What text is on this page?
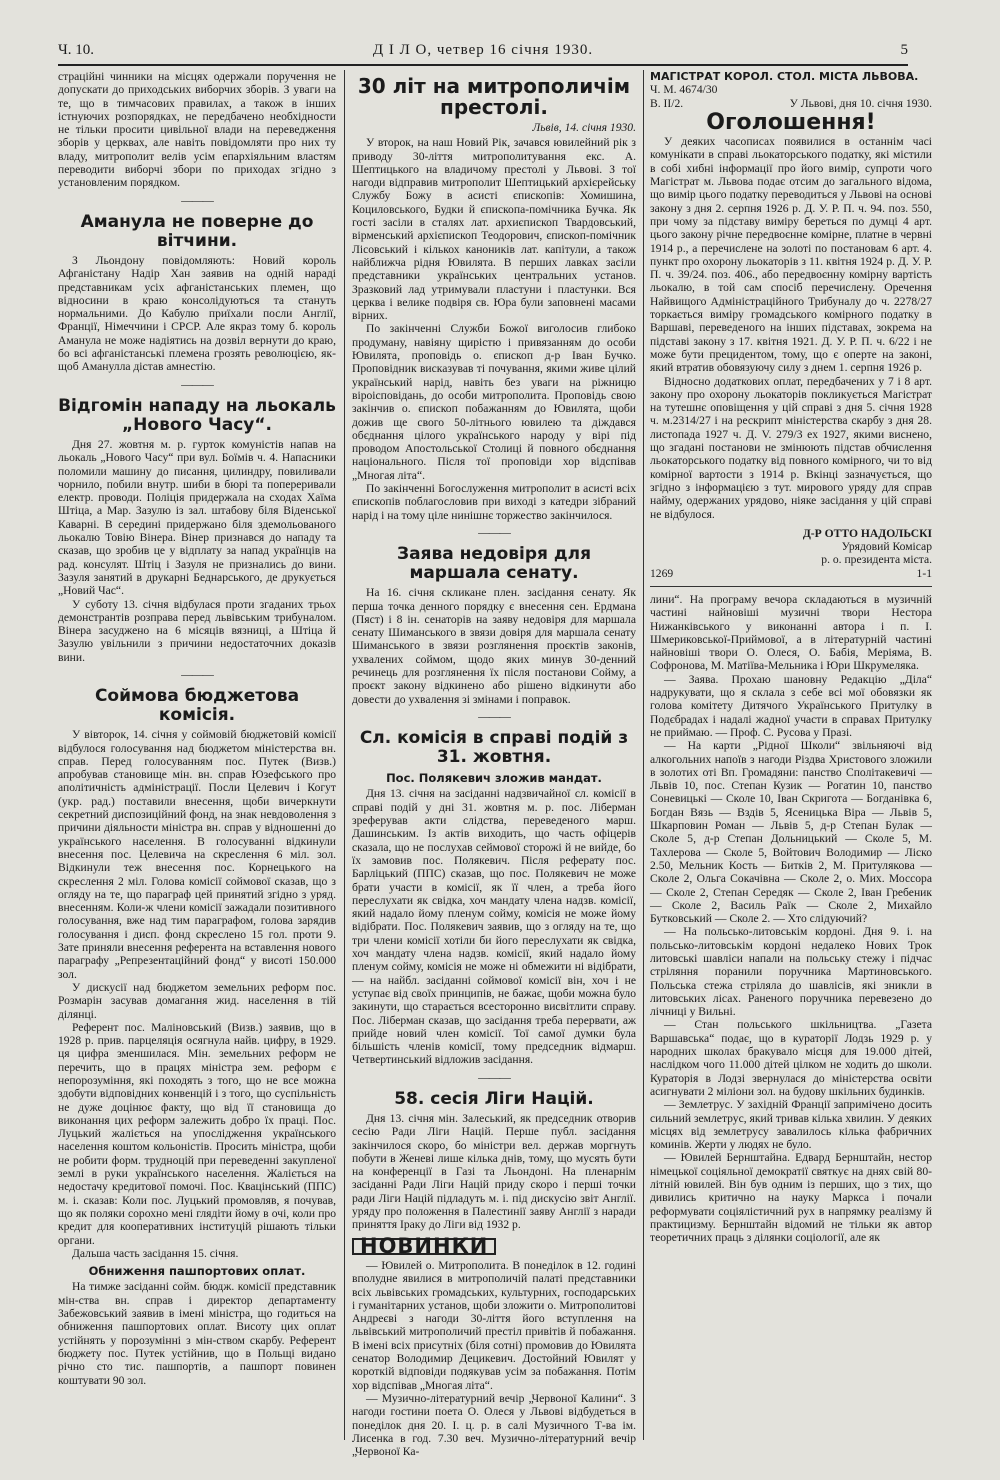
Ч. 10.	Д І Л О, четвер 16 січня 1930.	5

страційні чинники на місцях одержали поручення не допускати до приходських виборчих зборів. З уваги на те, що в тимчасових правилах, а також в інших істнуючих розпорядках, не передбачено необхідности не тільки просити цивільної влади на переведження зборів у церквах, але навіть повідомляти про них ту владу, митрополит велів усім епархіяльним властям переводити виборчі збори по приходах згідно з установленим порядком.

———
Аманула не поверне до вітчини.

З Льондону повідомляють: Новий король Афганістану Надір Хан заявив на одній нараді представникам усіх афганістанських племен, що відносини в краю консолідуються та стануть нормальними. До Кабулю приїхали посли Англії, Франції, Німеччини і СРСР. Але якраз тому б. король Аманула не може надіятись на дозвіл вернути до краю, бо всі афганістанські племена грозять революцією, як-щоб Амануллa дістав амнестію.

———
Відгомін нападу на льокаль „Нового Часу“.

Дня 27. жовтня м. р. гурток комуністів напав на льокаль „Нового Часу“ при вул. Боїмів ч. 4. Напасники поломили машину до писання, цилиндру, повиливали чорнило, побили внутр. шиби в бюрі та попереривали електр. проводи. Поліція придержала на сходах Хаїма Штіца, а Мар. Зазулю із зал. штабову біля Віденської Каварні. В середині придержано біля здемольованого льокалю Товію Вінера. Вінер признався до нападу та сказав, що зробив це у відплату за напад українців на рад. консулят. Штіц і Зазуля не признались до вини. Зазуля занятий в друкарні Беднарського, де друкується „Новий Час“.

У суботу 13. січня відбулася проти згаданих трьох демонстрантів розправа перед львівським трибуналом. Вінера засуджено на 6 місяців вязниці, а Штіца й Зазулю увільнили з причини недостаточних доказів вини.

———
Соймова бюджетова комісія.

У вівторок, 14. січня у соймовій бюджетовій комісії відбулося голосування над бюджетом міністерства вн. справ. Перед голосуванням пос. Путек (Визв.) апробував становище мін. вн. справ Юзефського про аполітичність адміністрації. Посли Целевич і Когут (укр. рад.) поставили внесення, щоби вичеркнути секретний диспозиційний фонд, на знак невдоволення з причини діяльности міністра вн. справ у відношенні до українського населення. В голосуванні відкинули внесення пос. Целевича на скреслення 6 міл. зол. Відкинули теж внесення пос. Корнецького на скреслення 2 міл. Голова комісії соймової сказав, що з огляду на те, що параграф цей принятий згідно з уряд. внесенням. Коли-ж члени комісії зажадали позитивного голосування, вже над тим параграфом, голова зарядив голосування і дисп. фонд скреслено 15 гол. проти 9. Зате приняли внесення референта на вставлення нового параграфу „Репрезентаційний фонд“ у висоті 150.000 зол.

У дискусії над бюджетом земельних реформ пос. Розмарін засував домагання жид. населення в тій ділянці.

Референт пос. Маліновський (Визв.) заявив, що в 1928 р. прив. парцеляція осягнула найв. цифру, в 1929. ця цифра зменшилася. Мін. земельних реформ не перечить, що в працях міністра зем. реформ є непорозуміння, які походять з того, що не все можна здобути відповідних конвенцій і з того, що суспільність не дуже доцінює факту, що від її становища до виконання цих реформ залежить добро їх праці. Пос. Луцький жаліється на упослідження українського населення коштом кольоністів. Просить міністра, щоби не робити форм. трудноцій при переведенні закупленої землі в руки українського населення. Жаліється на недостачу кредитової помочі. Пос. Квацінський (ППС) м. і. сказав: Коли пос. Луцький промовляв, я почував, що як поляки сорохно мені глядіти йому в очі, коли про кредит для кооперативних інституцій рішають тільки органи.

Дальша часть засідання 15. січня.

Обниження пашпортових оплат.

На тимже засіданні сойм. бюдж. комісії представник мін-ства вн. справ і директор департаменту Забежовський заявив в імені міністра, що годиться на обниження пашпортових оплат. Висоту цих оплат устійнять у порозумінні з мін-ством скарбу. Референт бюджету пос. Путек устійнив, що в Польщі видано річно сто тис. пашпортів, а пашпорт повинен коштувати 90 зол.

30 літ на митрополичім престолі.
Львів, 14. січня 1930.

У второк, на наш Новий Рік, зачався ювилейний рік з приводу 30-ліття митрополитування екс. А. Шептицького на владичому престолі у Львові. З тої нагоди відправив митрополит Шептицький архієрейську Службу Божу в асисті єпископів: Хомишина, Коциловського, Будки й єпископа-помічника Бучка. Як гості засіли в сталях лат. архиєпископ Твардовський, вірменський архієпископ Теодорович, єпископ-помічник Лісовський і кількох каноників лат. капітули, а також найближча рідня Ювилята. В перших лавках засіли представники українських центральних установ. Зразковий лад утримували пластуни і пластунки. Вся церква і велике подвіря св. Юра були заповнені масами вірних.

По закінченні Служби Божої виголосив глибоко продуману, навіяну щирістю і привязанням до особи Ювилята, проповідь о. єпископ д-р Іван Бучко. Проповідник висказував ті почування, якими живе цілий український нарід, навіть без уваги на ріжницю віроісповідань, до особи митрополита. Проповідь свою закінчив о. єпископ побажанням до Ювилята, щоби дожив ще свого 50-літнього ювилею та діждався обєднання цілого українського народу у вірі під проводом Апостольської Столиці й повного обєднання національного. Після тої проповіди хор відспівав „Многая літа“.

По закінченні Богослуження митрополит в асисті всіх єпископів поблагословив при виході з катедри зібраний нарід і на тому ціле нинішнє торжество закінчилося.

———
Заява недовіря для маршала сенату.

На 16. січня скликане плен. засідання сенату. Як перша точка денного порядку є внесення сен. Ердмана (Пяст) і 8 ін. сенаторів на заяву недовіря для маршала сенату Шиманського в звязи довіря для маршала сенату Шиманського в звязи розглянення проєктів законів, ухвалених соймом, щодо яких минув 30-денний речинець для розглянення їх після постанови Сойму, а проєкт закону відкинено або рішено відкинути або довести до ухвалення зі змінами і поправок.

———
Сл. комісія в справі подій з 31. жовтня.
Пос. Полякевич зложив мандат.

Дня 13. січня на засіданні надзвичайної сл. комісії в справі подій у дні 31. жовтня м. р. пос. Ліберман зреферував акти слідства, переведеного марш. Дашинським. Із актів виходить, що часть офіцерів сказала, що не послухав сеймової сторожі й не вийде, бо їх замовив пос. Полякевич. Після реферату пос. Барліцький (ППС) сказав, що пос. Полякевич не може брати участи в комісії, як її член, а треба його переслухати як свідка, хоч мандату члена надзв. комісії, який надало йому пленум сойму, комісія не може йому відібрати. Пос. Полякевич заявив, що з огляду на те, що три члени комісії хотіли би його переслухати як свідка, хоч мандату члена надзв. комісії, який надало йому пленум сойму, комісія не може ні обмежити ні відібрати, — на найбл. засіданні соймової комісії він, хоч і не уступає від своїх принципів, не бажає, щоби можна було закинути, що старається всесторонно висвітлити справу. Пос. Ліберман сказав, що засідання треба перервати, аж прийде новий член комісії. Тої самої думки була більшість членів комісії, тому председник відмарш. Четвертинський відложив засідання.

———
58. сесія Ліги Націй.

Дня 13. січня мін. Залеський, як председник отворив сесію Ради Ліги Націй. Перше публ. засідання закінчилося скоро, бо міністри вел. держав моргнуть побути в Женеві лише кілька днів, тому, що мусять бути на конференції в Газі та Льондоні. На пленарнім засіданні Ради Ліги Націй приду скоро і перші точки ради Ліги Націй підладуть м. і. під дискусію звіт Англії. уряду про положення в Палестинії заяву Англії з наради приняття Іраку до Ліги від 1932 р.

НОВИНКИ

— Ювилей о. Митрополита. В понеділок в 12. годині вполудне явилися в митрополичій палаті представники всіх львівських громадських, культурних, господарських і гуманітарних установ, щоби зложити о. Митрополитові Андреєві з нагоди 30-ліття його вступлення на львівський митрополичий престіл привітів й побажання. В імені всіх присутніх (біля сотні) промовив до Ювилята сенатор Володимир Децикевич. Достойний Ювилят у короткій відповіди подякував усім за побажання. Потім хор відспівав „Многая літа“.

— Музично-літературний вечір „Червоної Калини“. З нагоди гостини поета О. Олеся у Львові відбудеться в понеділок дня 20. І. ц. р. в салі Музичного Т-ва ім. Лисенка в год. 7.30 веч. Музично-літературний вечір „Червоної Ка-

МАГІСТРАТ КОРОЛ. СТОЛ. МІСТА ЛЬВОВА.
Ч. М. 4674/30
В. II/2.	У Львові, дня 10. січня 1930.
Оголошення!

У деяких часописах появилися в останнім часі комунікати в справі льокаторського податку, які містили в собі хибні інформації про його вимір, супроти чого Магістрат м. Львова подає отсим до загального відома, що вимір цього податку переводиться у Львові на основі закону з дня 2. серпня 1926 р. Д. У. Р. П. ч. 94. поз. 550, при чому за підставу виміру береться по думці 4 арт. цього закону річне передвоєнне комірне, платне в червні 1914 р., а перечислене на золоті по постановам 6 арт. 4. пункт про охорону льокаторів з 11. квітня 1924 р. Д. У. Р. П. ч. 39/24. поз. 406., або передвоєнну комірну вартість льокалю, в той сам спосіб перечислену. Оречення Найвищого Адміністраційного Трибуналу до ч. 2278/27 торкається виміру громадського комірного податку в Варшаві, переведеного на інших підставах, зокрема на підставі закону з 17. квітня 1921. Д. У. Р. П. ч. 6/22 і не може бути прецидентом, тому, що є оперте на законі, який втратив обовязуючу силу з днем 1. серпня 1926 р.

Відносно додаткових оплат, передбачених у 7 і 8 арт. закону про охорону льокаторів покликується Магістрат на тутешнє оповіщення у цій справі з дня 5. січня 1928 ч. м.2314/27 і на рескрипт міністерства скарбу з дня 28. листопада 1927 ч. Д. V. 279/3 ex 1927, якими виснено, що згадані постанови не змінюють підстав обчислення льокаторського податку від повного комірного, чи то від комірної вартости з 1914 р. Вкінці зазначується, що згідно з інформацією з тут. мирового уряду для справ найму, одержаних урядово, ніяке засідання у цій справі не відбулося.

Д-Р ОТТО НАДОЛЬСКІ
Урядовий Комісар
р. о. президента міста.
1269	1-1

лини“. На програму вечора складаються в музичній частині найновіші музичні твори Нестора Нижанківського у виконанні автора і п. І. Шмериковської-Приймової, а в літературній частині найновіші твори О. Олеся, О. Бабія, Меріяма, В. Софронова, М. Матіїва-Мельника і Юри Шкрумеляка.

— Заява. Прохаю шановну Редакцію „Діла“ надрукувати, що я склала з себе всі мої обовязки як голова комітету Дитячого Українського Притулку в Подєбрадах і надалі жадної участи в справах Притулку не приймаю. — Проф. С. Русова у Празі.

— На карти „Рідної Школи“ звільняючі від алкогольних напоїв з нагоди Різдва Христового зложили в золотих оті Вп. Громадяни: панство Сполітакевичі — Львів 10, пос. Степан Кузик — Рогатин 10, панство Соневицькі — Сколе 10, Іван Скригота — Богданівка 6, Богдан Вязь — Вздів 5, Ясеницька Віра — Львів 5, Шкарповин Роман — Львів 5, д-р Степан Булак — Сколе 5, д-р Степан Дольницький — Сколе 5, М. Тахлерова — Сколе 5, Войтович Володимир — Ліско 2.50, Мельник Кость — Битків 2, М. Притулякова — Сколе 2, Ольга Сокачівна — Сколе 2, о. Мих. Моссора — Сколе 2, Степан Середяк — Сколе 2, Іван Гребеник — Сколе 2, Василь Раїк — Сколе 2, Михайло Бутковський — Сколе 2. — Хто слідуючий?

— На польсько-литовськім кордоні. Дня 9. і. на польсько-литовськім кордоні недалеко Нових Трок литовські шавліси напали на польську стежу і підчас стріляння поранили поручника Мартиновського. Польська стежа стріляла до шавлісів, які зникли в литовських лісах. Раненого поручника перевезено до лічниці у Вильні.

— Стан польського шкільництва. „Газета Варшавська“ подає, що в кураторії Лодзь 1929 р. у народних школах бракувало місця для 19.000 дітей, наслідком чого 11.000 дітей цілком не ходить до школи. Кураторія в Лодзі звернулася до міністерства освіти асигнувати 2 міліони зол. на будову шкільних будинків.

— Землетрус. У західній Франції запримічено досить сильний землетрус, який тривав кілька хвилин. У деяких місцях від землетрусу завалилось кілька фабричних коминів. Жерти у людях не було.

— Ювилей Бернштайна. Едвард Бернштайн, нестор німецької соціяльної демократії святкує на днях свій 80-літній ювилей. Він був одним із перших, що з тих, що дивились критично на науку Маркса і почали реформувати соціялістичний рух в напрямку реалізму й практицизму. Бернштайн відомий не тільки як автор теоретичних праць з ділянки соціології, але як
